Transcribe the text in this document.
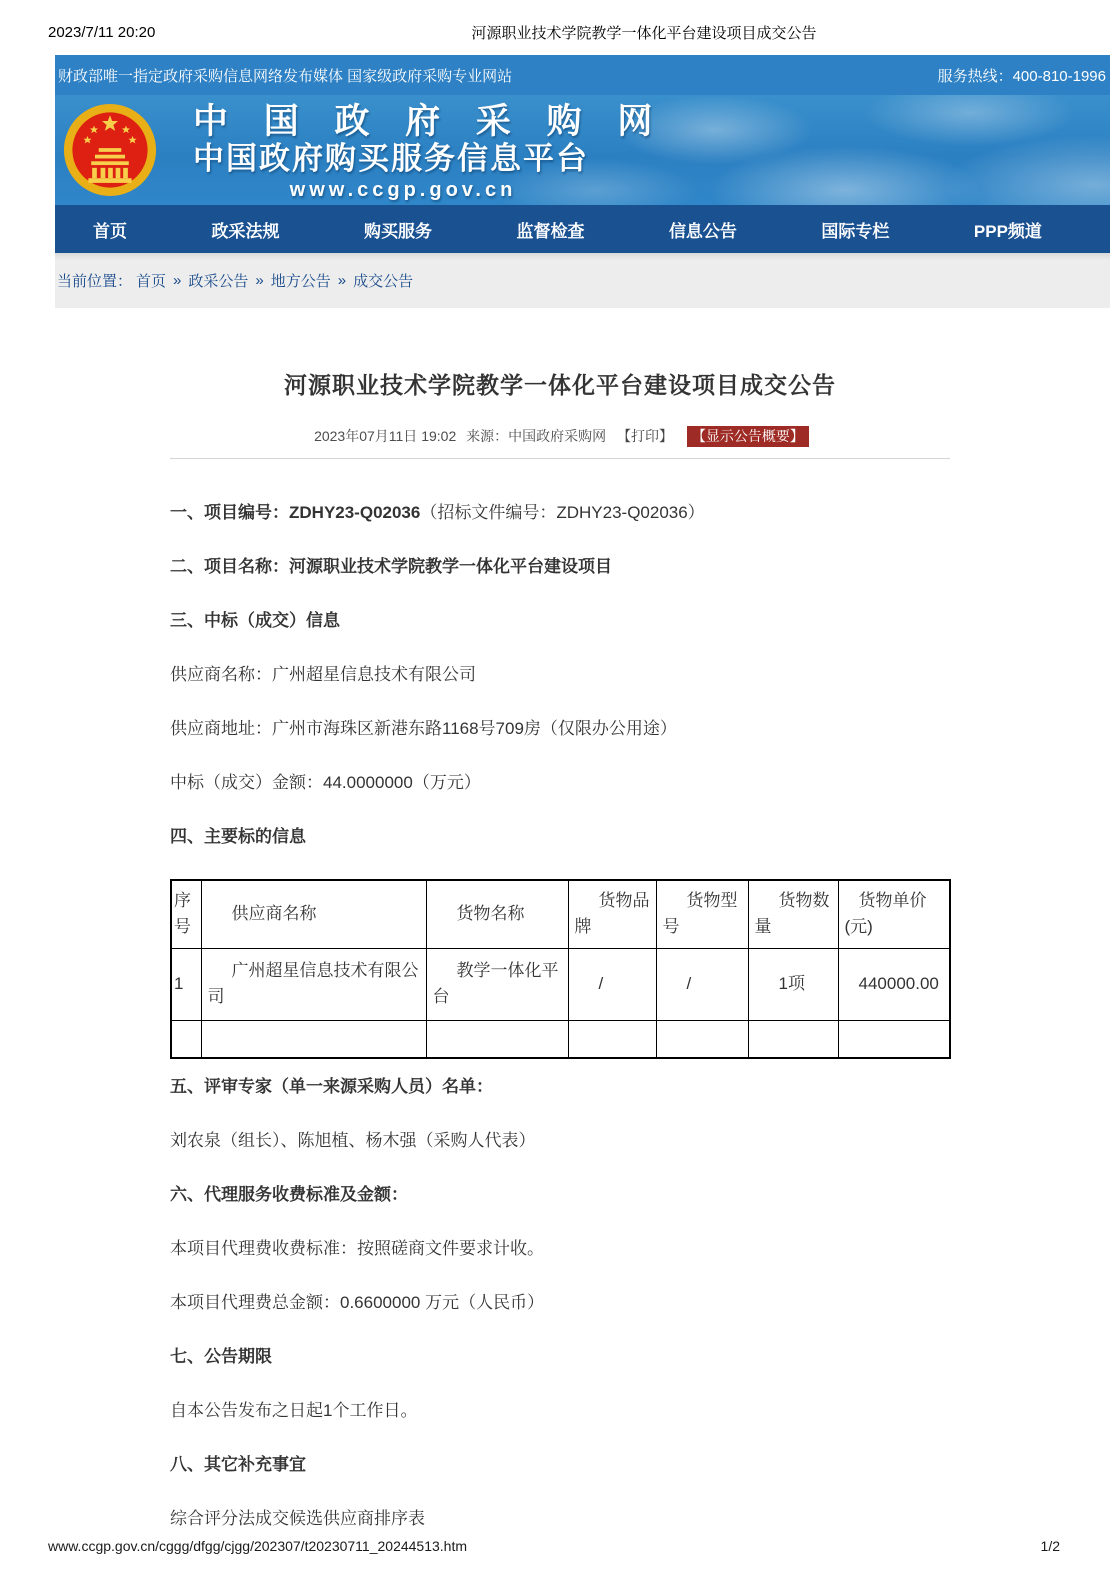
2023/7/11 20:20	河源职业技术学院教学一体化平台建设项目成交公告
财政部唯一指定政府采购信息网络发布媒体 国家级政府采购专业网站	服务热线：400-810-1996
中 国 政 府 采 购 网
中国政府购买服务信息平台
www.ccgp.gov.cn
首页	政采法规	购买服务	监督检查	信息公告	国际专栏	PPP频道
当前位置： 首页 » 政采公告 » 地方公告 » 成交公告
河源职业技术学院教学一体化平台建设项目成交公告
2023年07月11日 19:02 来源：中国政府采购网 【打印】 【显示公告概要】

一、项目编号：ZDHY23-Q02036（招标文件编号：ZDHY23-Q02036）

二、项目名称：河源职业技术学院教学一体化平台建设项目

三、中标（成交）信息

供应商名称：广州超星信息技术有限公司

供应商地址：广州市海珠区新港东路1168号709房（仅限办公用途）

中标（成交）金额：44.0000000（万元）

四、主要标的信息

序号	供应商名称	货物名称	货物品牌	货物型号	货物数量	货物单价(元)
1	广州超星信息技术有限公司	教学一体化平台	/	/	1项	440000.00

五、评审专家（单一来源采购人员）名单：

刘农泉（组长）、陈旭植、杨木强（采购人代表）

六、代理服务收费标准及金额：

本项目代理费收费标准：按照磋商文件要求计收。

本项目代理费总金额：0.6600000 万元（人民币）

七、公告期限

自本公告发布之日起1个工作日。

八、其它补充事宜

综合评分法成交候选供应商排序表

www.ccgp.gov.cn/cggg/dfgg/cjgg/202307/t20230711_20244513.htm	1/2
